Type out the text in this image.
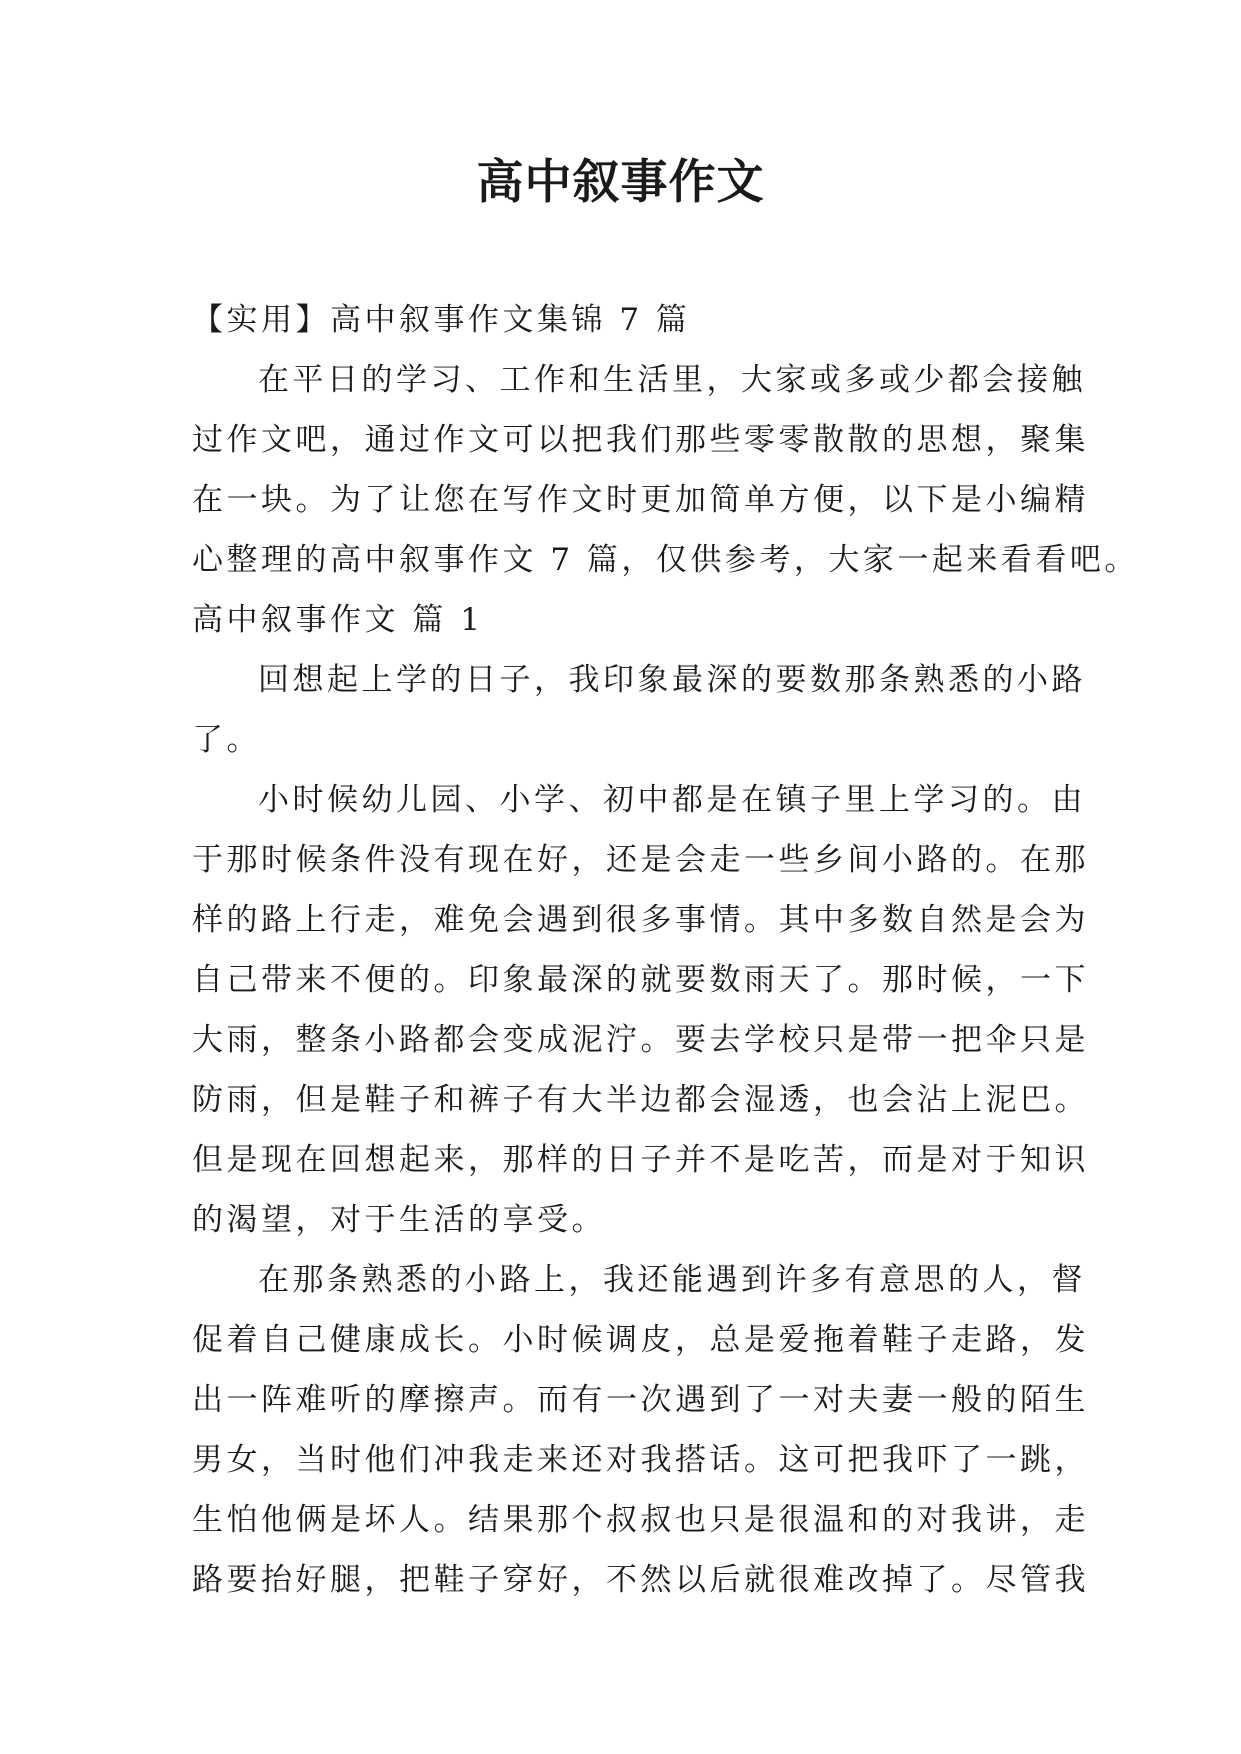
高中叙事作文

【实用】高中叙事作文集锦 7 篇

在平日的学习、工作和生活里，大家或多或少都会接触

过作文吧，通过作文可以把我们那些零零散散的思想，聚集

在一块。为了让您在写作文时更加简单方便，以下是小编精

心整理的高中叙事作文 7 篇，仅供参考，大家一起来看看吧。

高中叙事作文 篇 1

回想起上学的日子，我印象最深的要数那条熟悉的小路

了。

小时候幼儿园、小学、初中都是在镇子里上学习的。由

于那时候条件没有现在好，还是会走一些乡间小路的。在那

样的路上行走，难免会遇到很多事情。其中多数自然是会为

自己带来不便的。印象最深的就要数雨天了。那时候，一下

大雨，整条小路都会变成泥泞。要去学校只是带一把伞只是

防雨，但是鞋子和裤子有大半边都会湿透，也会沾上泥巴。

但是现在回想起来，那样的日子并不是吃苦，而是对于知识

的渴望，对于生活的享受。

在那条熟悉的小路上，我还能遇到许多有意思的人，督

促着自己健康成长。小时候调皮，总是爱拖着鞋子走路，发

出一阵难听的摩擦声。而有一次遇到了一对夫妻一般的陌生

男女，当时他们冲我走来还对我搭话。这可把我吓了一跳，

生怕他俩是坏人。结果那个叔叔也只是很温和的对我讲，走

路要抬好腿，把鞋子穿好，不然以后就很难改掉了。尽管我
